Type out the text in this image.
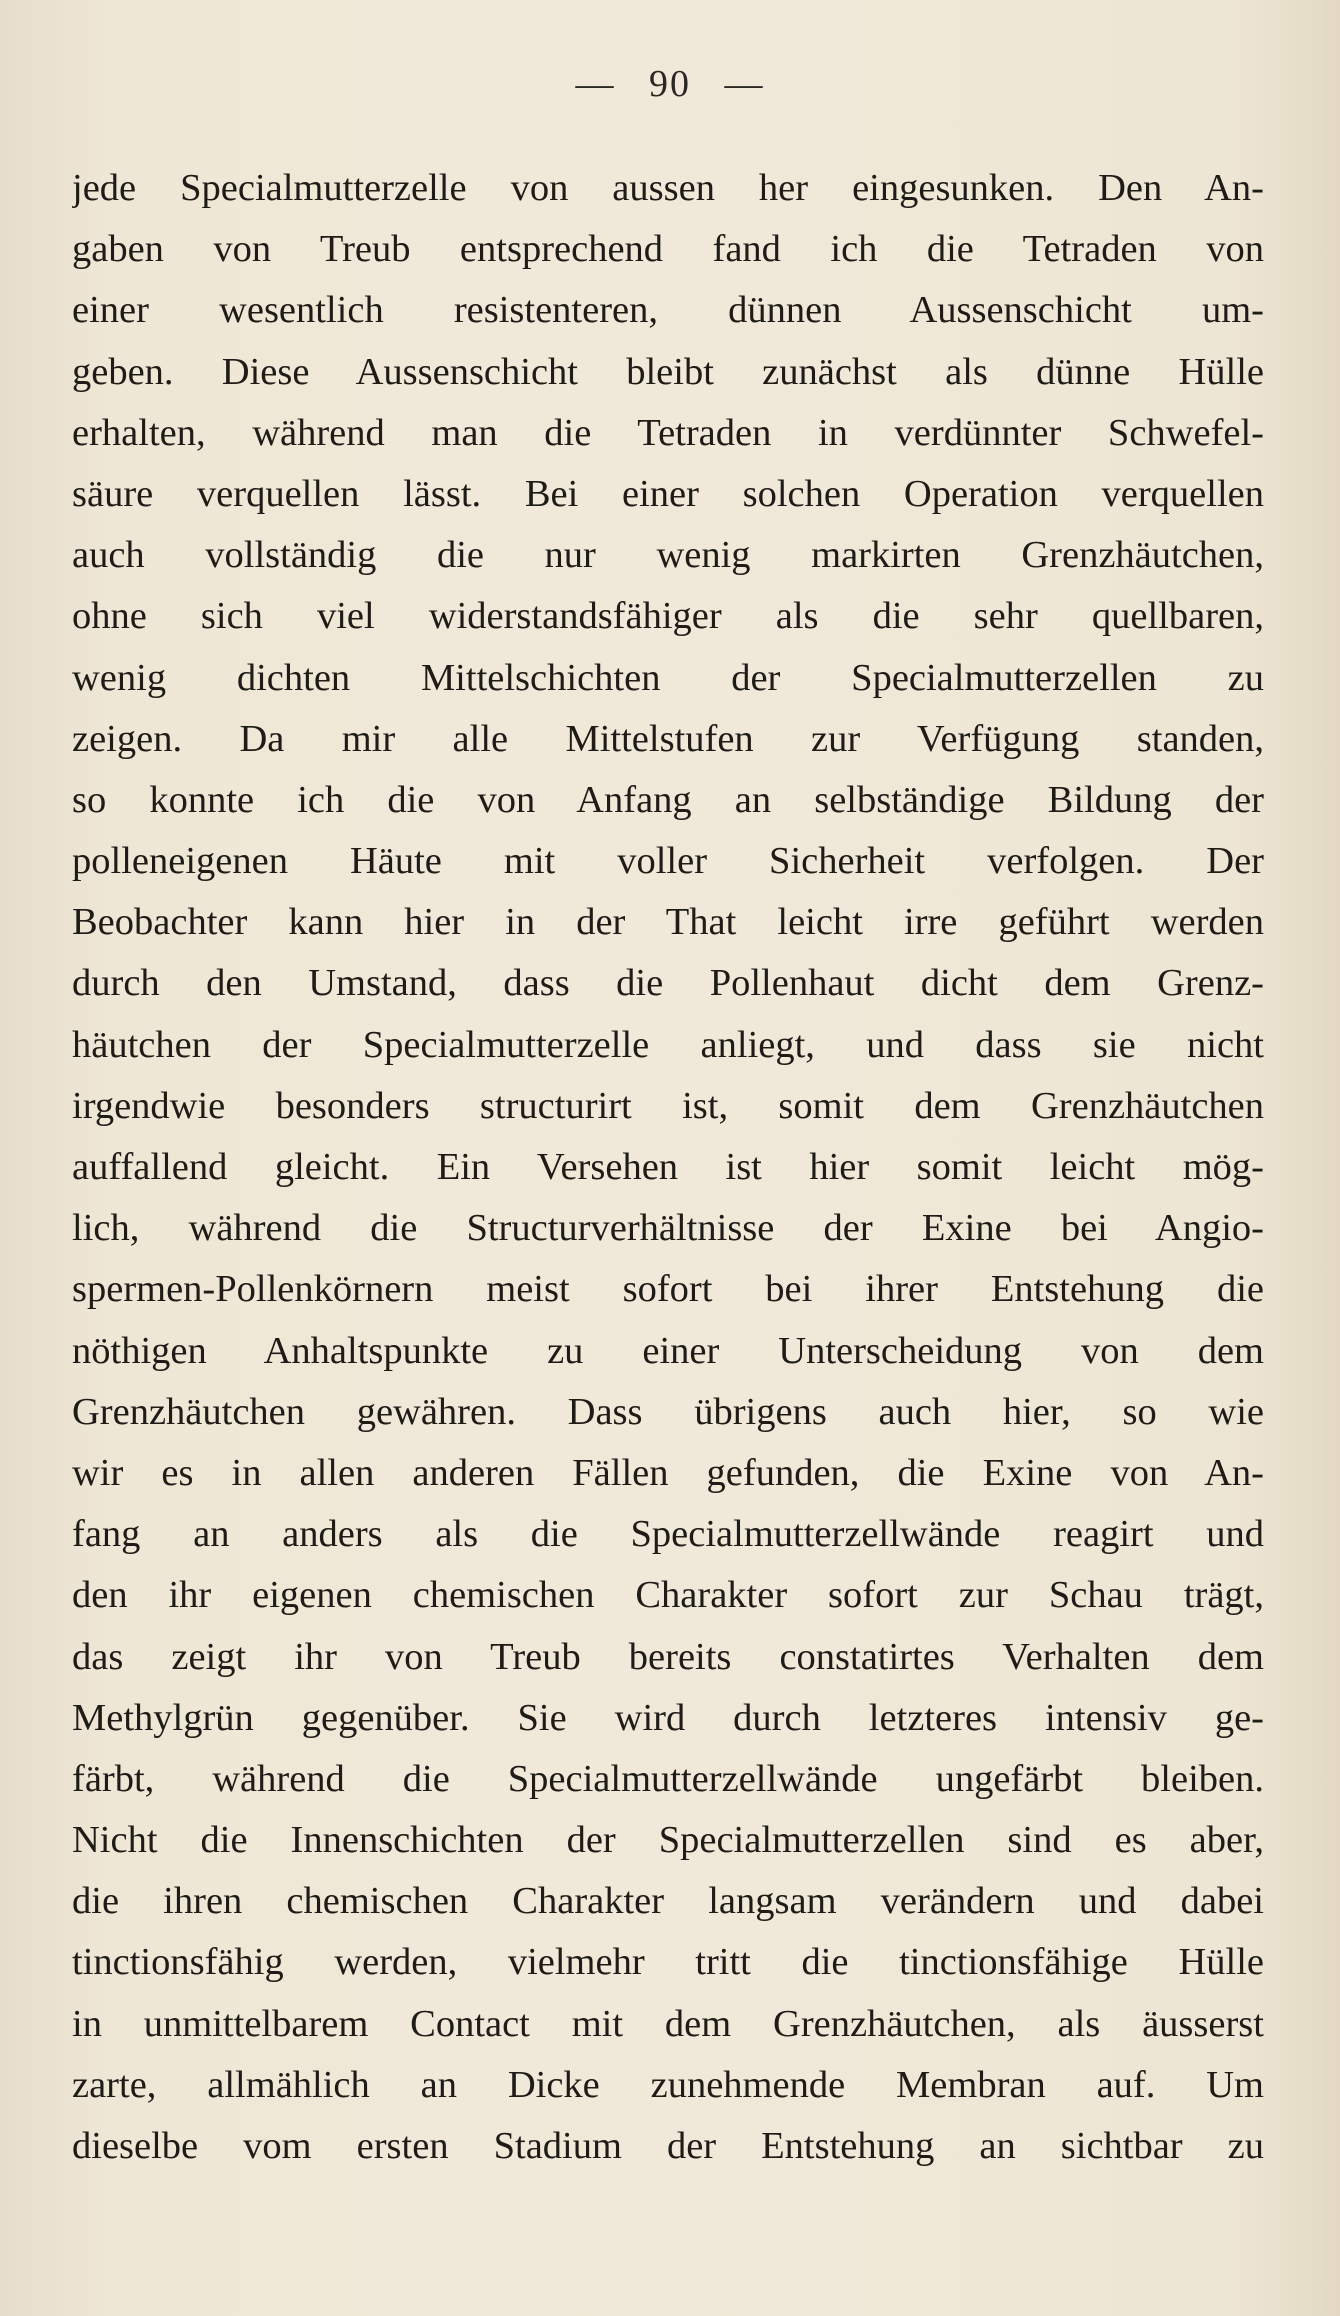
— 90 —
jede Specialmutterzelle von aussen her eingesunken. Den An-
gaben von Treub entsprechend fand ich die Tetraden von
einer wesentlich resistenteren, dünnen Aussenschicht um-
geben. Diese Aussenschicht bleibt zunächst als dünne Hülle
erhalten, während man die Tetraden in verdünnter Schwefel-
säure verquellen lässt. Bei einer solchen Operation verquellen
auch vollständig die nur wenig markirten Grenzhäutchen,
ohne sich viel widerstandsfähiger als die sehr quellbaren,
wenig dichten Mittelschichten der Specialmutterzellen zu
zeigen. Da mir alle Mittelstufen zur Verfügung standen,
so konnte ich die von Anfang an selbständige Bildung der
polleneigenen Häute mit voller Sicherheit verfolgen. Der
Beobachter kann hier in der That leicht irre geführt werden
durch den Umstand, dass die Pollenhaut dicht dem Grenz-
häutchen der Specialmutterzelle anliegt, und dass sie nicht
irgendwie besonders structurirt ist, somit dem Grenzhäutchen
auffallend gleicht. Ein Versehen ist hier somit leicht mög-
lich, während die Structurverhältnisse der Exine bei Angio-
spermen-Pollenkörnern meist sofort bei ihrer Entstehung die
nöthigen Anhaltspunkte zu einer Unterscheidung von dem
Grenzhäutchen gewähren. Dass übrigens auch hier, so wie
wir es in allen anderen Fällen gefunden, die Exine von An-
fang an anders als die Specialmutterzellwände reagirt und
den ihr eigenen chemischen Charakter sofort zur Schau trägt,
das zeigt ihr von Treub bereits constatirtes Verhalten dem
Methylgrün gegenüber. Sie wird durch letzteres intensiv ge-
färbt, während die Specialmutterzellwände ungefärbt bleiben.
Nicht die Innenschichten der Specialmutterzellen sind es aber,
die ihren chemischen Charakter langsam verändern und dabei
tinctionsfähig werden, vielmehr tritt die tinctionsfähige Hülle
in unmittelbarem Contact mit dem Grenzhäutchen, als äusserst
zarte, allmählich an Dicke zunehmende Membran auf. Um
dieselbe vom ersten Stadium der Entstehung an sichtbar zu
